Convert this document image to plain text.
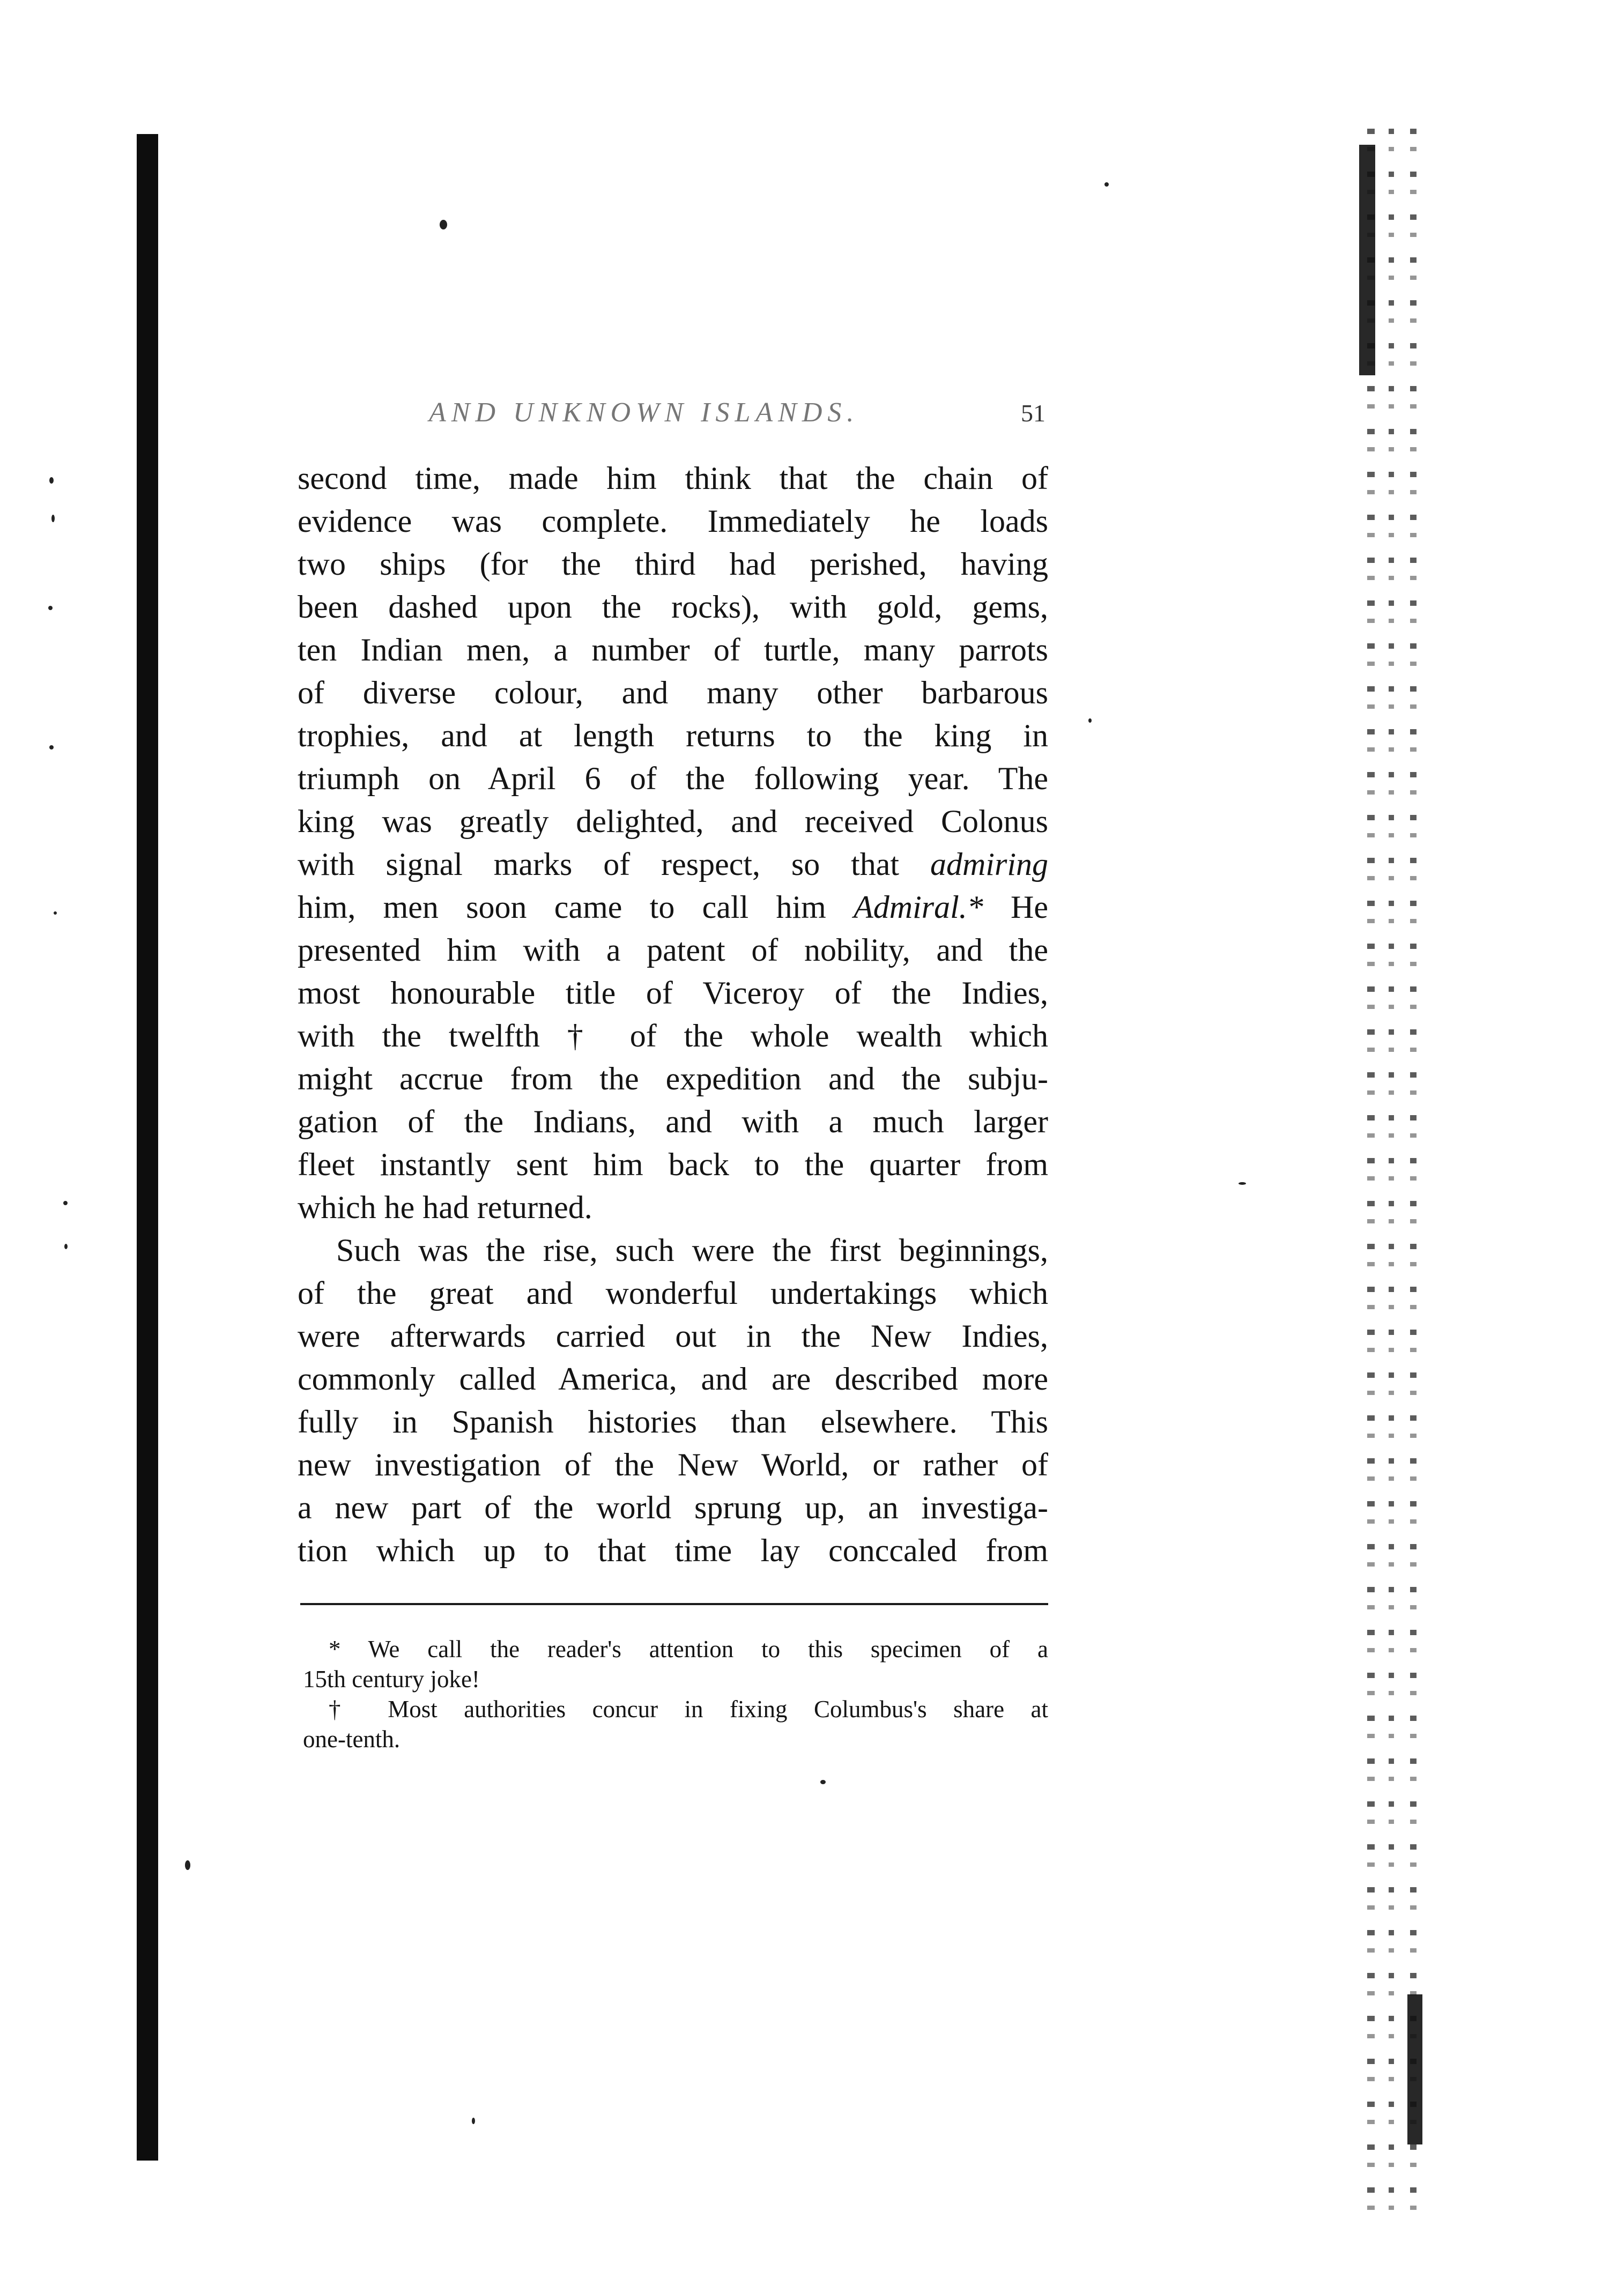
AND UNKNOWN ISLANDS.	51
second time, made him think that the chain of
evidence was complete. Immediately he loads
two ships (for the third had perished, having
been dashed upon the rocks), with gold, gems,
ten Indian men, a number of turtle, many parrots
of diverse colour, and many other barbarous
trophies, and at length returns to the king in
triumph on April 6 of the following year. The
king was greatly delighted, and received Colonus
with signal marks of respect, so that admiring
him, men soon came to call him Admiral.* He
presented him with a patent of nobility, and the
most honourable title of Viceroy of the Indies,
with the twelfth † of the whole wealth which
might accrue from the expedition and the subju-
gation of the Indians, and with a much larger
fleet instantly sent him back to the quarter from
which he had returned.
Such was the rise, such were the first beginnings,
of the great and wonderful undertakings which
were afterwards carried out in the New Indies,
commonly called America, and are described more
fully in Spanish histories than elsewhere. This
new investigation of the New World, or rather of
a new part of the world sprung up, an investiga-
tion which up to that time lay conccaled from
* We call the reader's attention to this specimen of a
15th century joke!
† Most authorities concur in fixing Columbus's share at
one-tenth.
